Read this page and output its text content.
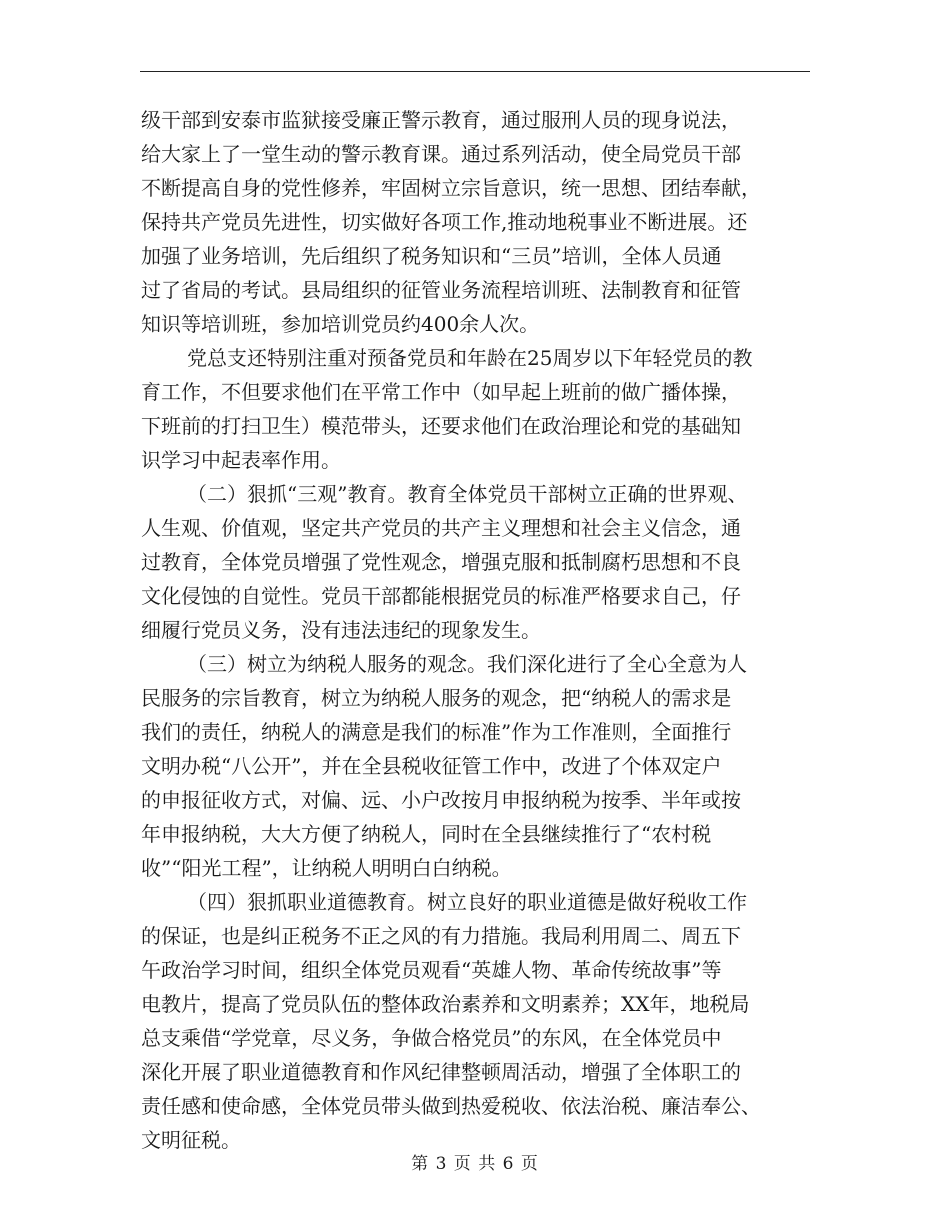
级干部到安泰市监狱接受廉正警示教育，通过服刑人员的现身说法，
给大家上了一堂生动的警示教育课。通过系列活动，使全局党员干部
不断提高自身的党性修养，牢固树立宗旨意识，统一思想、团结奉献，
保持共产党员先进性，切实做好各项工作,推动地税事业不断进展。还
加强了业务培训，先后组织了税务知识和“三员”培训，全体人员通
过了省局的考试。县局组织的征管业务流程培训班、法制教育和征管
知识等培训班，参加培训党员约400余人次。
党总支还特别注重对预备党员和年龄在25周岁以下年轻党员的教
育工作，不但要求他们在平常工作中（如早起上班前的做广播体操，
下班前的打扫卫生）模范带头，还要求他们在政治理论和党的基础知
识学习中起表率作用。
（二）狠抓“三观”教育。教育全体党员干部树立正确的世界观、
人生观、价值观，坚定共产党员的共产主义理想和社会主义信念，通
过教育，全体党员增强了党性观念，增强克服和抵制腐朽思想和不良
文化侵蚀的自觉性。党员干部都能根据党员的标准严格要求自己，仔
细履行党员义务，没有违法违纪的现象发生。
（三）树立为纳税人服务的观念。我们深化进行了全心全意为人
民服务的宗旨教育，树立为纳税人服务的观念，把“纳税人的需求是
我们的责任，纳税人的满意是我们的标准”作为工作准则，全面推行
文明办税“八公开”，并在全县税收征管工作中，改进了个体双定户
的申报征收方式，对偏、远、小户改按月申报纳税为按季、半年或按
年申报纳税，大大方便了纳税人，同时在全县继续推行了“农村税
收”“阳光工程”，让纳税人明明白白纳税。
（四）狠抓职业道德教育。树立良好的职业道德是做好税收工作
的保证，也是纠正税务不正之风的有力措施。我局利用周二、周五下
午政治学习时间，组织全体党员观看“英雄人物、革命传统故事”等
电教片，提高了党员队伍的整体政治素养和文明素养；XX年，地税局
总支乘借“学党章，尽义务，争做合格党员”的东风，在全体党员中
深化开展了职业道德教育和作风纪律整顿周活动，增强了全体职工的
责任感和使命感，全体党员带头做到热爱税收、依法治税、廉洁奉公、
文明征税。
第 3 页 共 6 页
